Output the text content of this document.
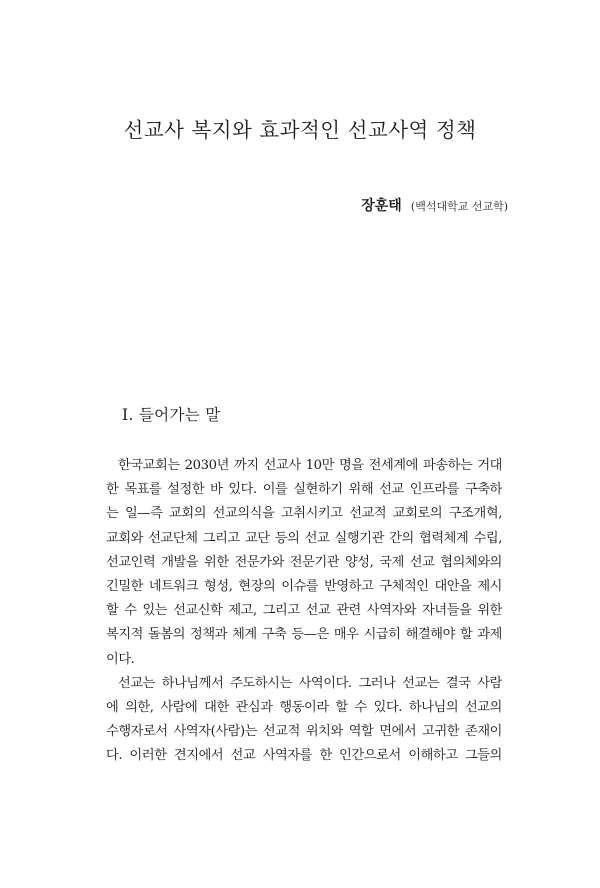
선교사 복지와 효과적인 선교사역 정책
장훈태 (백석대학교 선교학)
Ⅰ. 들어가는 말
한국교회는 2030년 까지 선교사 10만 명을 전세계에 파송하는 거대
한 목표를 설정한 바 있다. 이를 실현하기 위해 선교 인프라를 구축하
는 일—즉 교회의 선교의식을 고취시키고 선교적 교회로의 구조개혁,
교회와 선교단체 그리고 교단 등의 선교 실행기관 간의 협력체계 수립,
선교인력 개발을 위한 전문가와 전문기관 양성, 국제 선교 협의체와의
긴밀한 네트워크 형성, 현장의 이슈를 반영하고 구체적인 대안을 제시
할 수 있는 선교신학 제고, 그리고 선교 관련 사역자와 자녀들을 위한
복지적 돌봄의 정책과 체계 구축 등—은 매우 시급히 해결해야 할 과제
이다.
선교는 하나님께서 주도하시는 사역이다. 그러나 선교는 결국 사람
에 의한, 사람에 대한 관심과 행동이라 할 수 있다. 하나님의 선교의
수행자로서 사역자(사람)는 선교적 위치와 역할 면에서 고귀한 존재이
다. 이러한 견지에서 선교 사역자를 한 인간으로서 이해하고 그들의
